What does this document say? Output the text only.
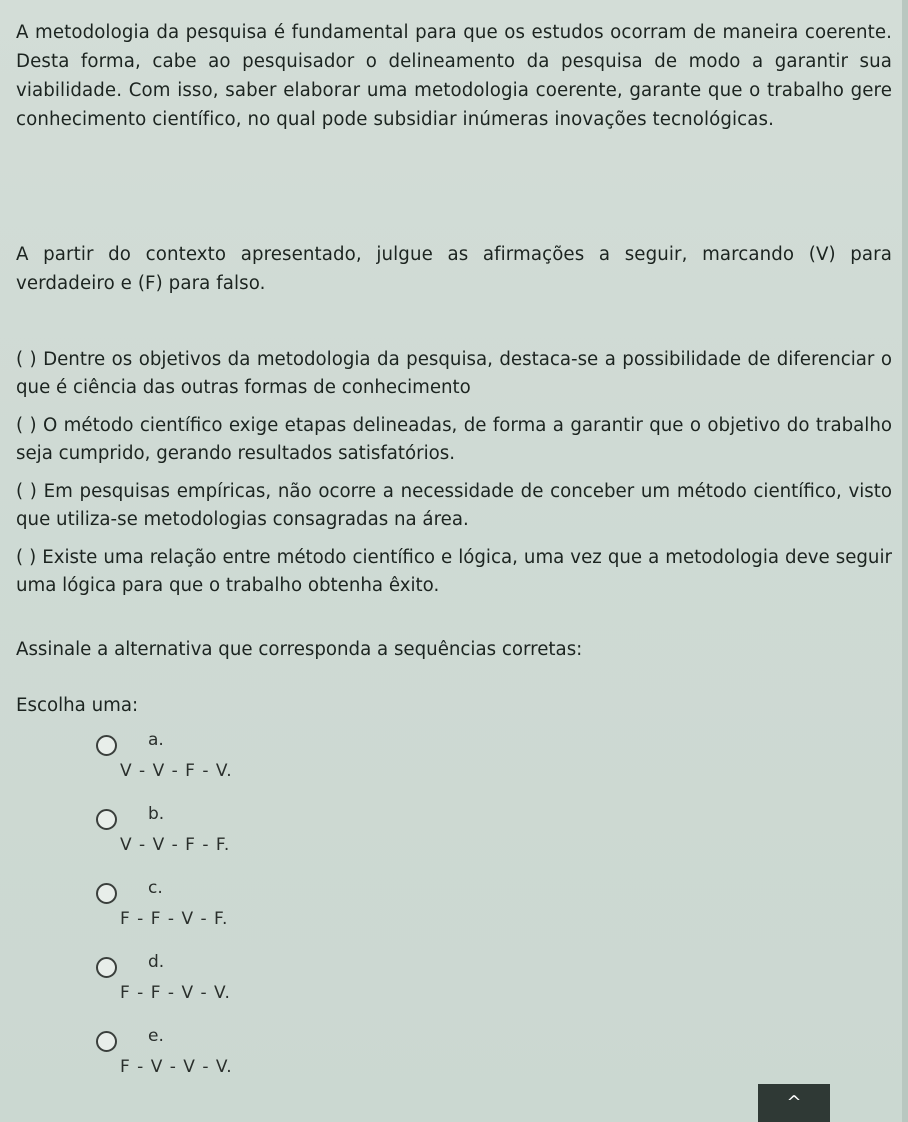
A metodologia da pesquisa é fundamental para que os estudos ocorram de maneira coerente. Desta forma, cabe ao pesquisador o delineamento da pesquisa de modo a garantir sua viabilidade. Com isso, saber elaborar uma metodologia coerente, garante que o trabalho gere conhecimento científico, no qual pode subsidiar inúmeras inovações tecnológicas.

A partir do contexto apresentado, julgue as afirmações a seguir, marcando (V) para verdadeiro e (F) para falso.

( ) Dentre os objetivos da metodologia da pesquisa, destaca-se a possibilidade de diferenciar o que é ciência das outras formas de conhecimento

( ) O método científico exige etapas delineadas, de forma a garantir que o objetivo do trabalho seja cumprido, gerando resultados satisfatórios.

( ) Em pesquisas empíricas, não ocorre a necessidade de conceber um método científico, visto que utiliza-se metodologias consagradas na área.

( ) Existe uma relação entre método científico e lógica, uma vez que a metodologia deve seguir uma lógica para que o trabalho obtenha êxito.

Assinale a alternativa que corresponda a sequências corretas:
Escolha uma:
a.
V - V - F - V.
b.
V - V - F - F.
c.
F - F - V - F.
d.
F - F - V - V.
e.
F - V - V - V.
^
